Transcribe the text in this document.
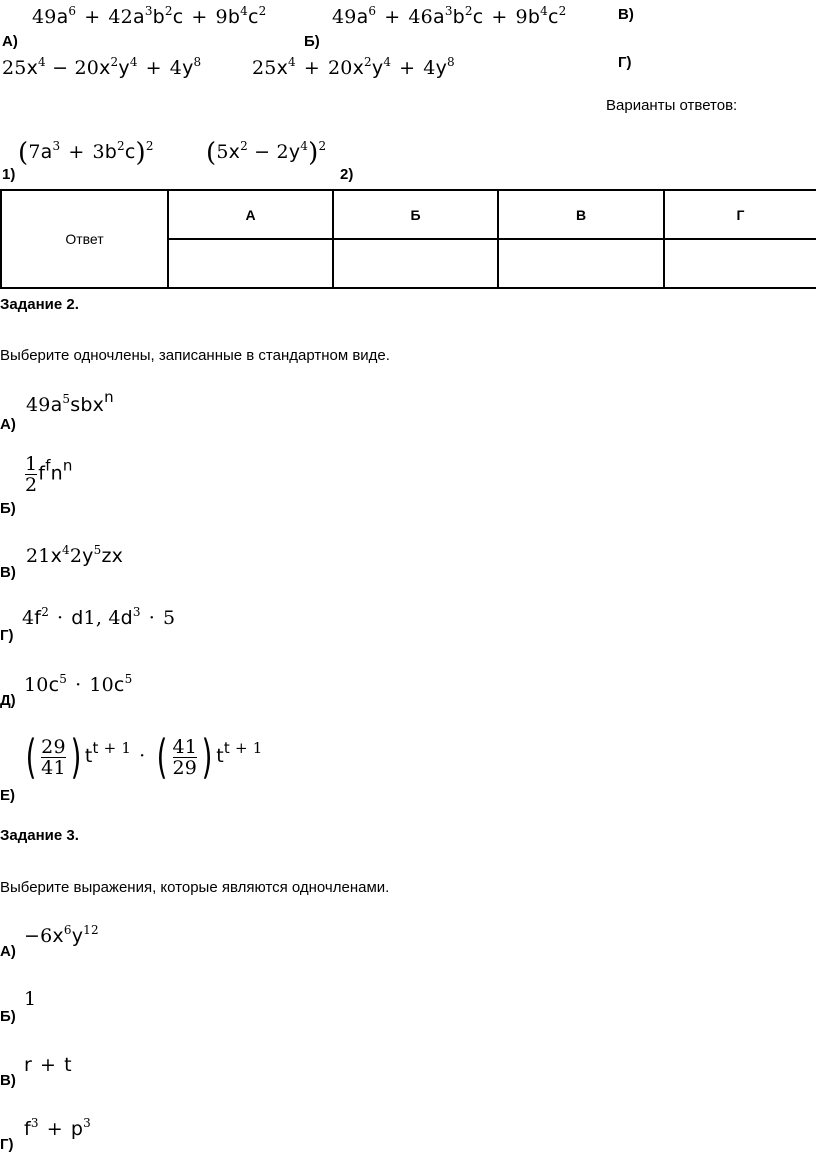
$49a^6 + 42a^3b^2c + 9b^4c^2$	$49a^6 + 46a^3b^2c + 9b^4c^2$	В)
А)	Б)
$25x^4 - 20x^2y^4 + 4y^8$	$25x^4 + 20x^2y^4 + 4y^8$	Г)
Варианты ответов:
$(7a^3 + 3b^2c)^2$ $(5x^2 - 2y^4)^2$
1)	2)
Ответ	А	Б	В	Г

Задание 2.
Выберите одночлены, записанные в стандартном виде.
$49a^5sbx^n$
А)
$\frac{1}{2} f^fn^n$
Б)
$21x^42y^5zx$
В)
$4f^2 \cdot d1$, $4d^3 \cdot 5$
Г)
$10c^5 \cdot 10c^5$
Д)
( $\frac{29}{41}$ ) $t^{t + 1}$ · ( $\frac{41}{29}$ ) $t^{t + 1}$
Е)
Задание 3.
Выберите выражения, которые являются одночленами.
$-6x^6y^{12}$
А)
1
Б)
r + t
В)
$f^3 + p^3$
Г)
